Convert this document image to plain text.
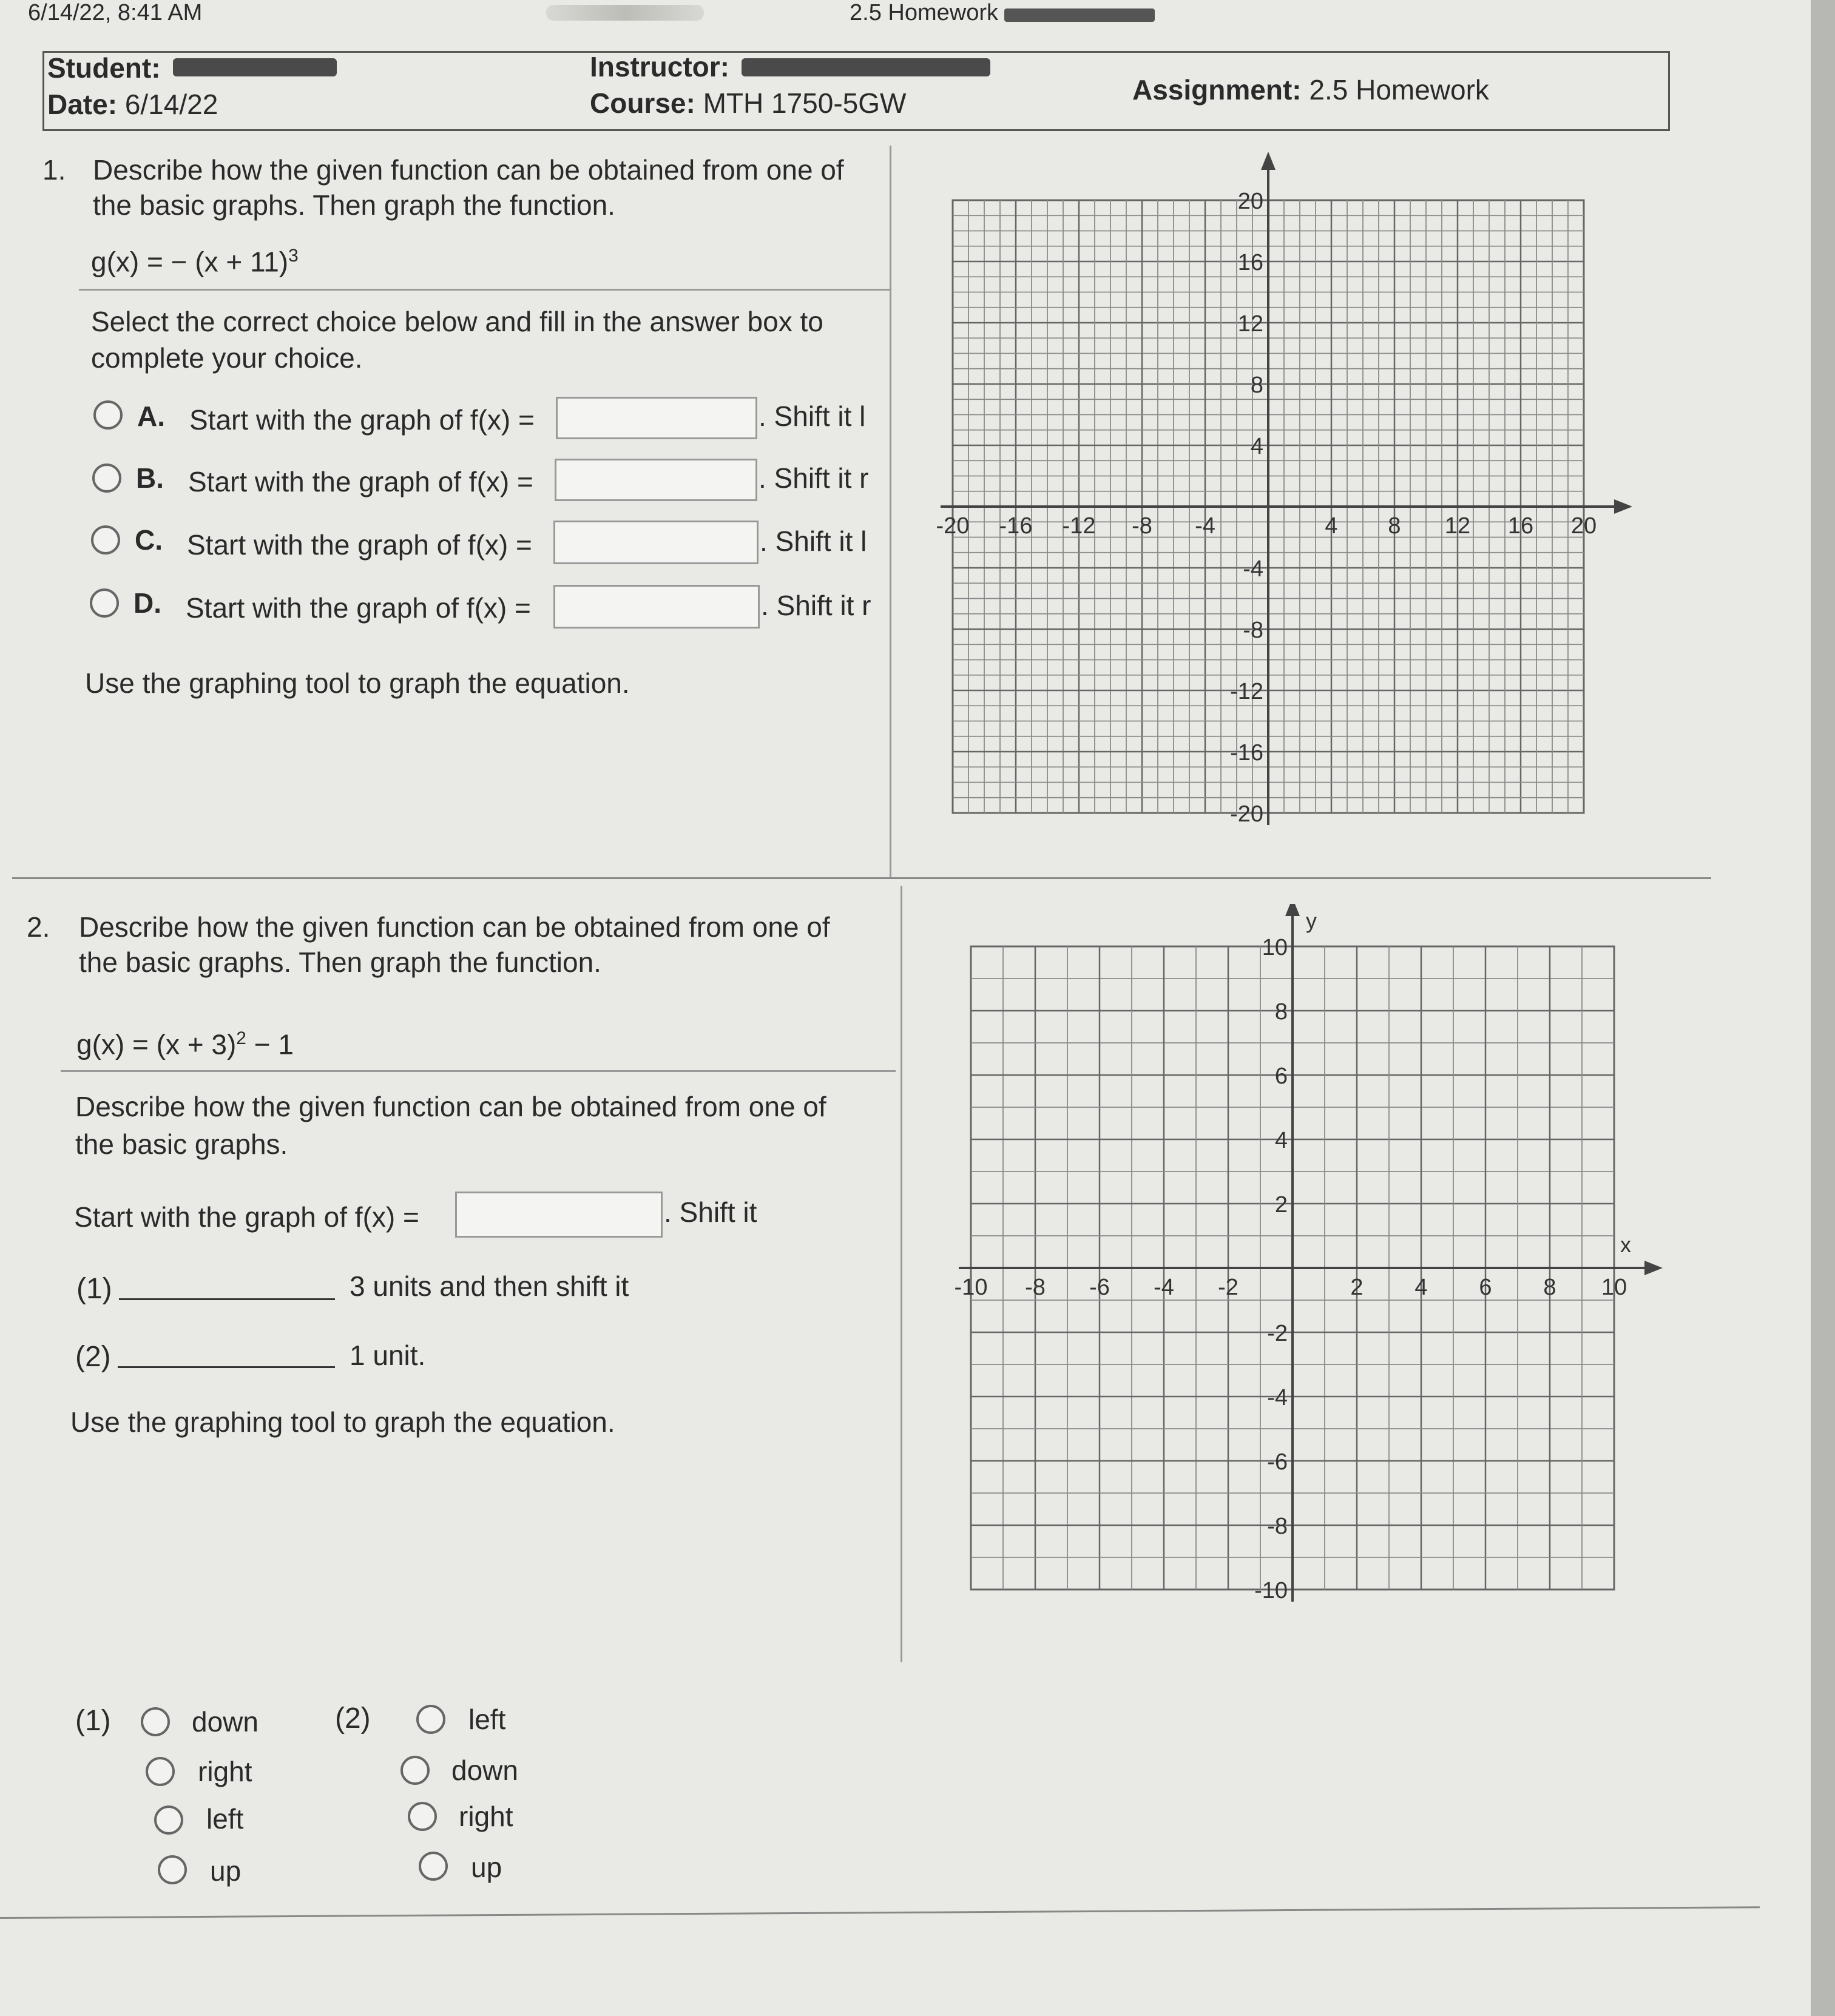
6/14/22, 8:41 AM	2.5 Homework
Student:
Date: 6/14/22
Instructor:
Course: MTH 1750-5GW	Assignment: 2.5 Homework
1. Describe how the given function can be obtained from one of
the basic graphs. Then graph the function.
g(x) = − $(x + 11)^3$
Select the correct choice below and fill in the answer box to
complete your choice.
A. Start with the graph of f(x) =	. Shift it l
B. Start with the graph of f(x) =	. Shift it r
C. Start with the graph of f(x) =	. Shift it l
D. Start with the graph of f(x) =	. Shift it r
Use the graphing tool to graph the equation.
-20 -16 -12 -8 -4	4 8 12 16 20
20
16
12
8
4
-4
-8
-12
-16
-20
2. Describe how the given function can be obtained from one of
the basic graphs. Then graph the function.
$g(x) = (x + 3)^2 - 1$
Describe how the given function can be obtained from one of
the basic graphs.
Start with the graph of f(x) =	. Shift it
(1)	3 units and then shift it
(2)	1 unit.
Use the graphing tool to graph the equation.
-10 -8 -6 -4 -2	2 4 6 8 10
10
8
6
4
2
-2
-4
-6
-8
-10
x
y
(1)	down
right
left
up
(2)	left
down
right
up
